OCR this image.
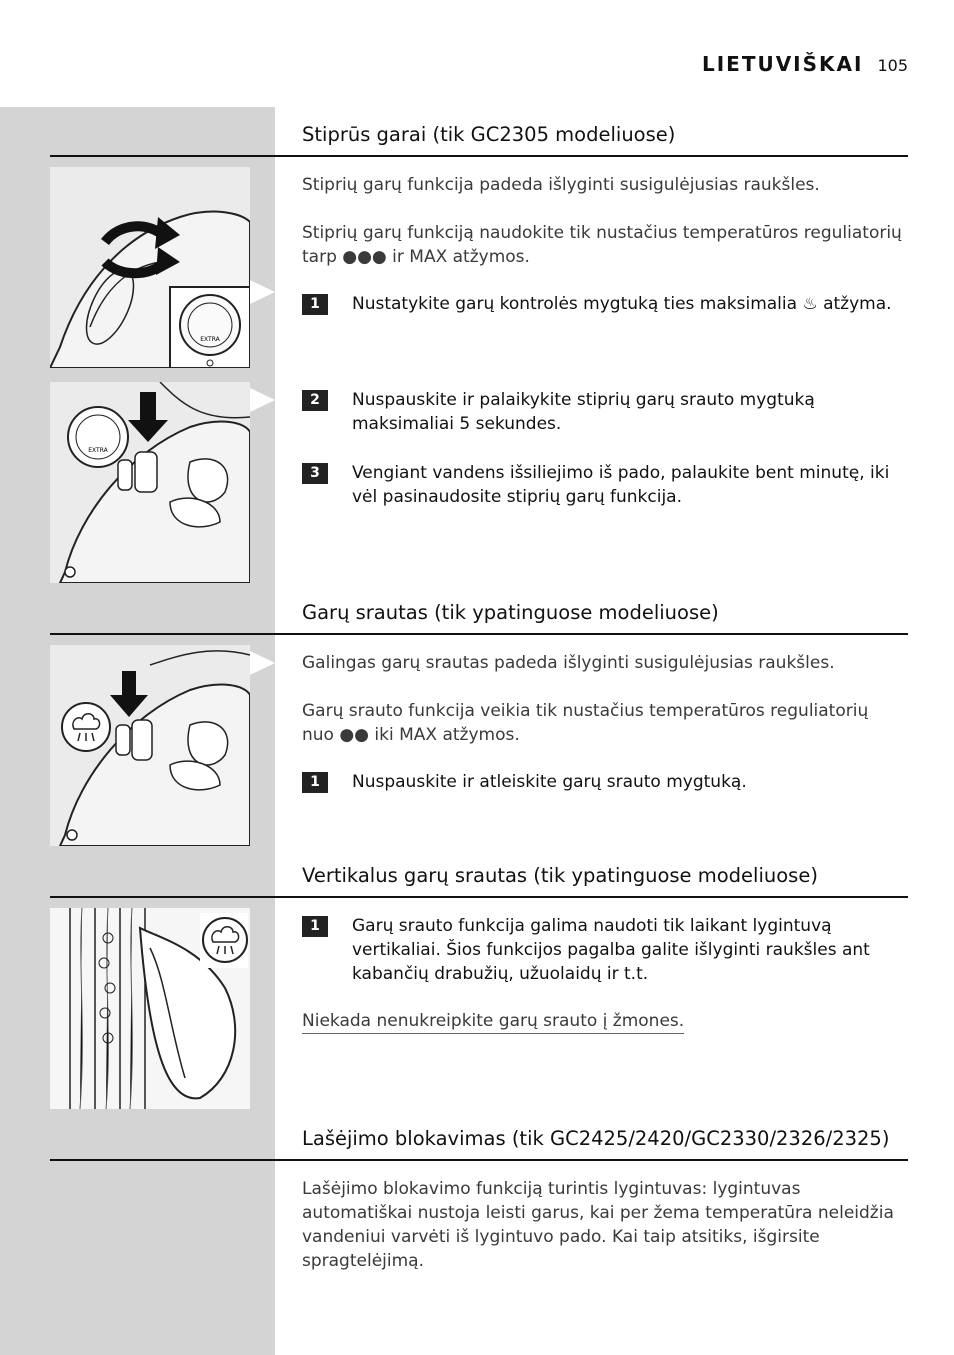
LIETUVIŠKAI 105
Stiprūs garai (tik GC2305 modeliuose)
EXTRA
Stiprių garų funkcija padeda išlyginti susigulėjusias raukšles.
Stiprių garų funkciją naudokite tik nustačius temperatūros reguliatorių tarp ●●● ir MAX atžymos.
1	Nustatykite garų kontrolės mygtuką ties maksimalia ♨ atžyma.
EXTRA
2	Nuspauskite ir palaikykite stiprių garų srauto mygtuką maksimaliai 5 sekundes.
3	Vengiant vandens išsiliejimo iš pado, palaukite bent minutę, iki vėl pasinaudosite stiprių garų funkcija.
Garų srautas (tik ypatinguose modeliuose)
Galingas garų srautas padeda išlyginti susigulėjusias raukšles.
Garų srauto funkcija veikia tik nustačius temperatūros reguliatorių nuo ●● iki MAX atžymos.
1	Nuspauskite ir atleiskite garų srauto mygtuką.
Vertikalus garų srautas (tik ypatinguose modeliuose)
1	Garų srauto funkcija galima naudoti tik laikant lygintuvą vertikaliai. Šios funkcijos pagalba galite išlyginti raukšles ant kabančių drabužių, užuolaidų ir t.t.
Niekada nenukreipkite garų srauto į žmones.
Lašėjimo blokavimas (tik GC2425/2420/GC2330/2326/2325)
Lašėjimo blokavimo funkciją turintis lygintuvas: lygintuvas automatiškai nustoja leisti garus, kai per žema temperatūra neleidžia vandeniui varvėti iš lygintuvo pado. Kai taip atsitiks, išgirsite spragtelėjimą.
